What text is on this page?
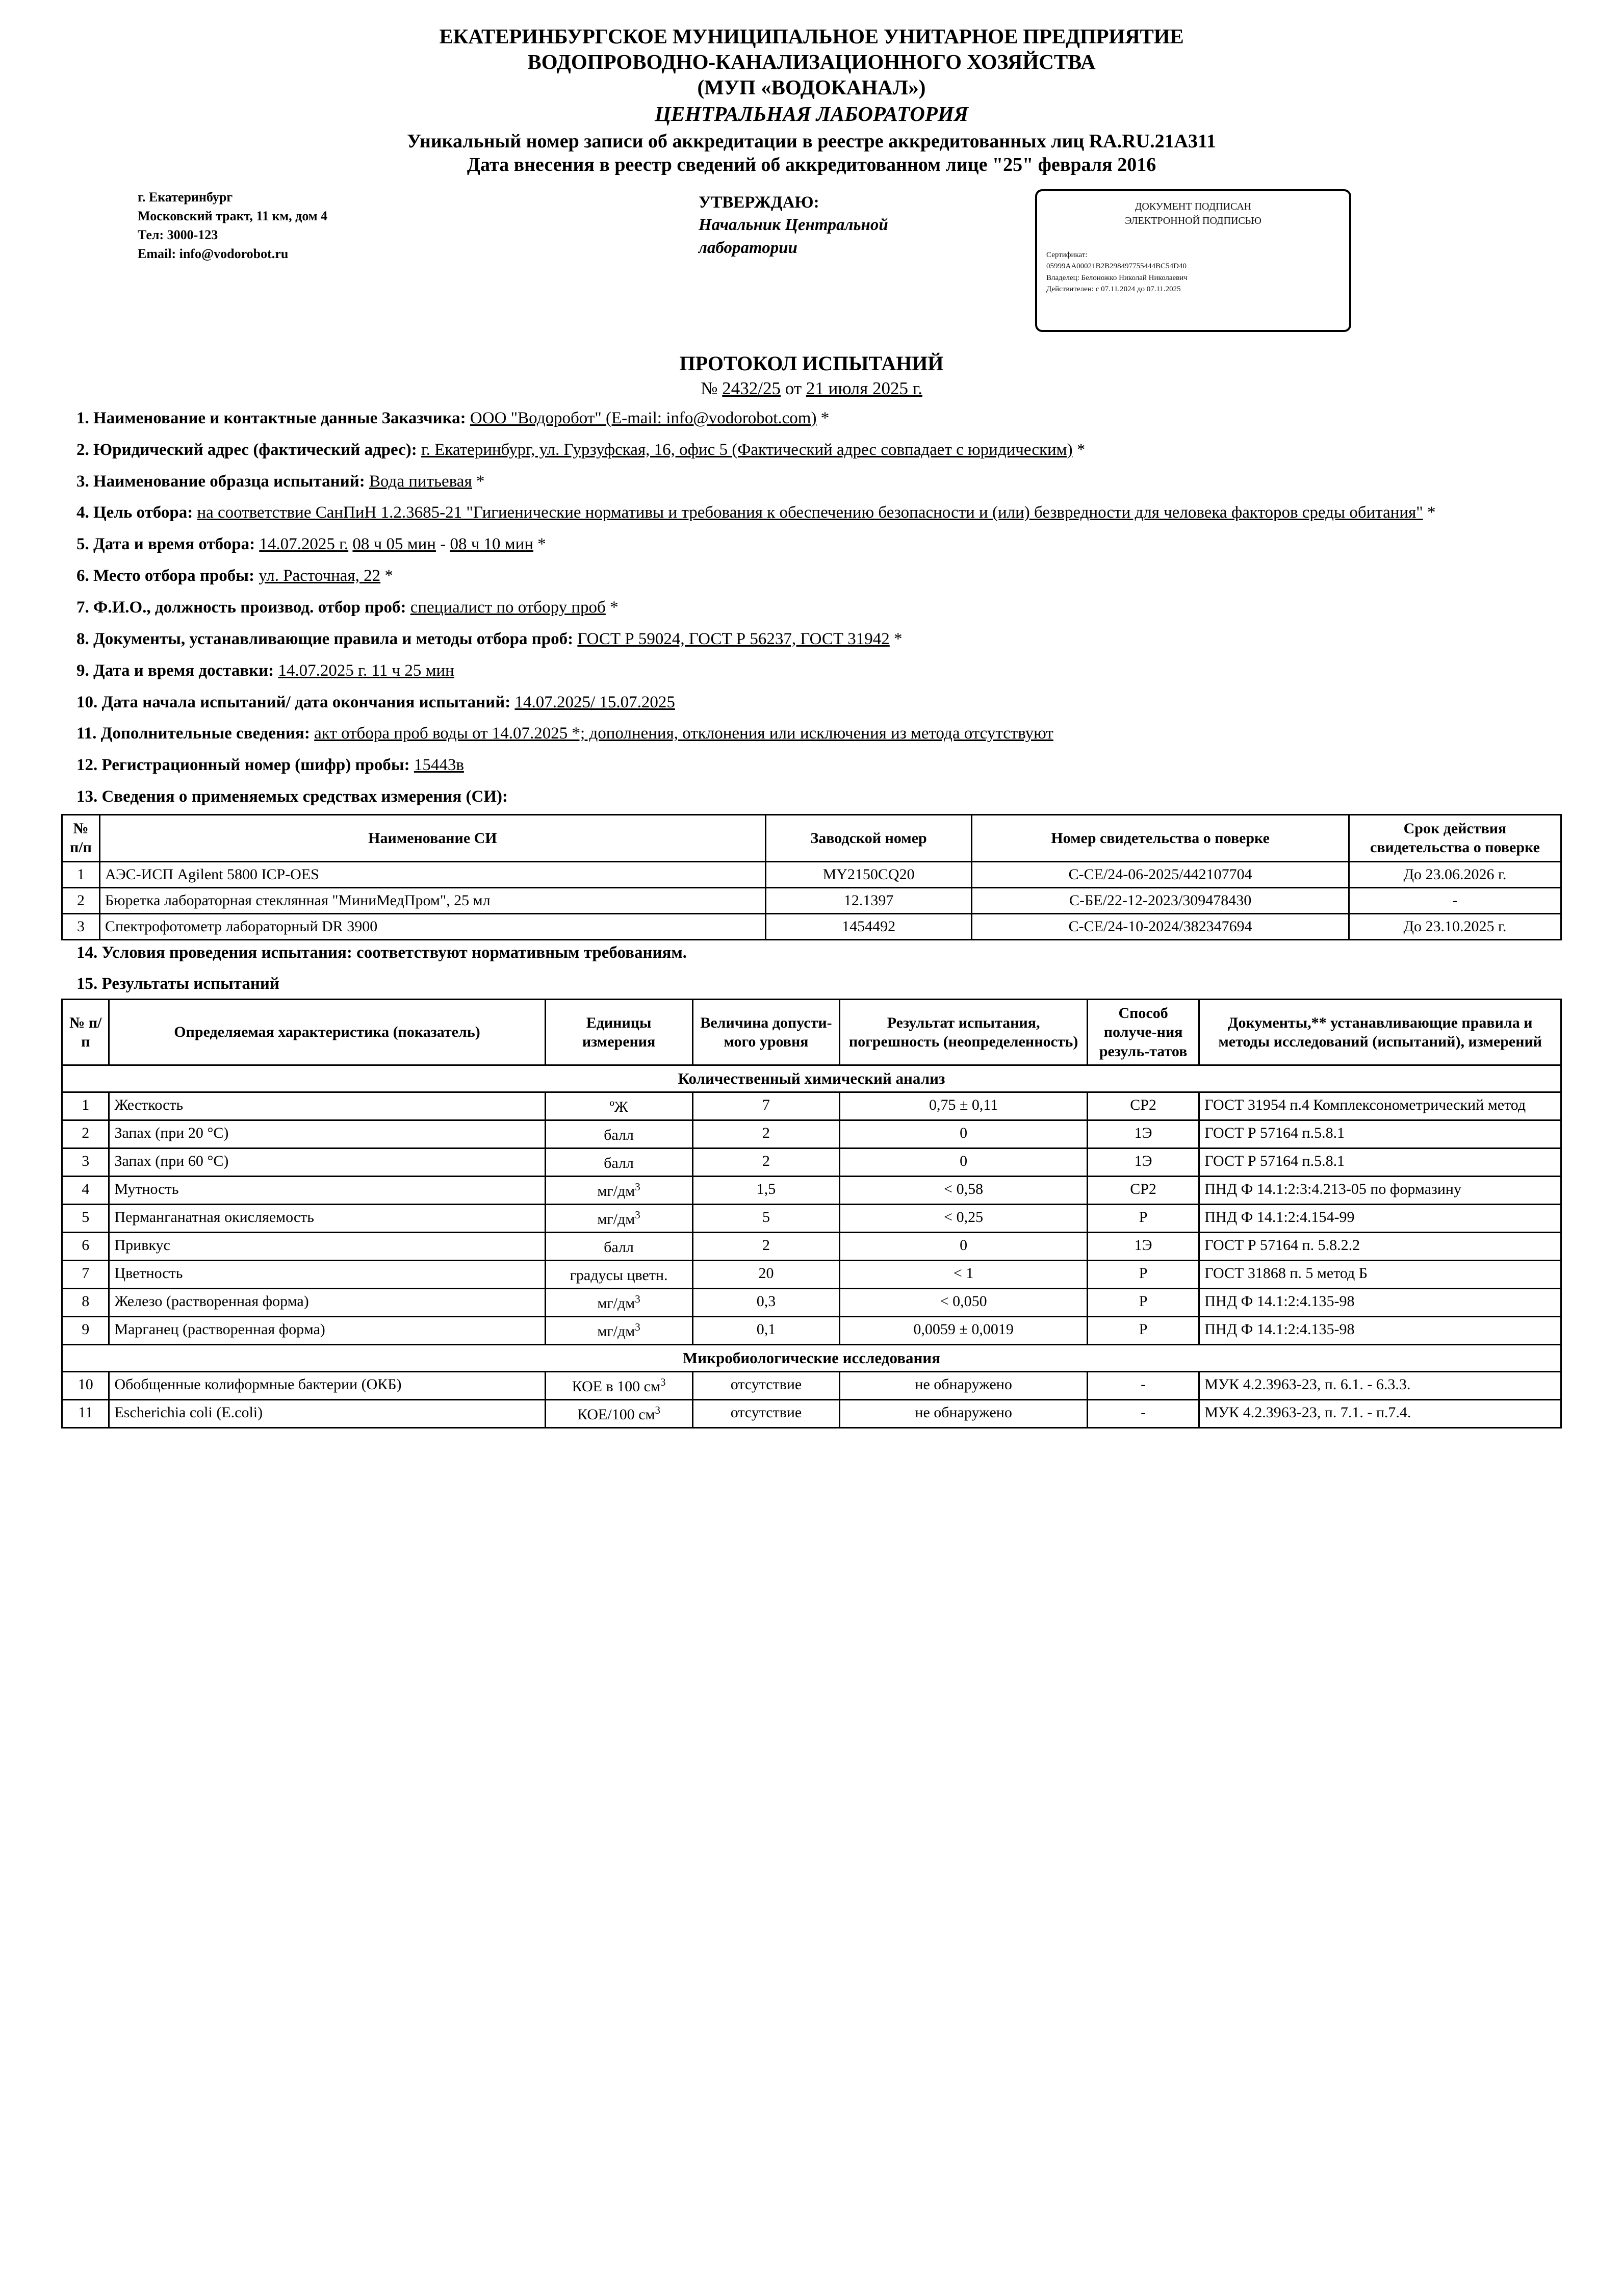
ЕКАТЕРИНБУРГСКОЕ МУНИЦИПАЛЬНОЕ УНИТАРНОЕ ПРЕДПРИЯТИЕ
ВОДОПРОВОДНО-КАНАЛИЗАЦИОННОГО ХОЗЯЙСТВА
(МУП «ВОДОКАНАЛ»)
ЦЕНТРАЛЬНАЯ ЛАБОРАТОРИЯ
Уникальный номер записи об аккредитации в реестре аккредитованных лиц RA.RU.21А311
Дата внесения в реестр сведений об аккредитованном лице "25" февраля 2016
г. Екатеринбург
Московский тракт, 11 км, дом 4
Тел: 3000-123
Email: info@vodorobot.ru
УТВЕРЖДАЮ:
Начальник Центральной
лаборатории
ДОКУМЕНТ ПОДПИСАН
ЭЛЕКТРОННОЙ ПОДПИСЬЮ
Сертификат:
05999AA00021B2B298497755444BC54D40
Владелец: Белоножко Николай Николаевич
Действителен: с 07.11.2024 до 07.11.2025
ПРОТОКОЛ ИСПЫТАНИЙ
№ 2432/25 от 21 июля 2025 г.
1. Наименование и контактные данные Заказчика: ООО "Водоробот" (E-mail: info@vodorobot.com) *
2. Юридический адрес (фактический адрес): г. Екатеринбург, ул. Гурзуфская, 16, офис 5 (Фактический адрес совпадает с юридическим) *
3. Наименование образца испытаний: Вода питьевая *
4. Цель отбора: на соответствие СанПиН 1.2.3685-21 "Гигиенические нормативы и требования к обеспечению безопасности и (или) безвредности для человека факторов среды обитания" *
5. Дата и время отбора: 14.07.2025 г. 08 ч 05 мин - 08 ч 10 мин *
6. Место отбора пробы: ул. Расточная, 22 *
7. Ф.И.О., должность производ. отбор проб: специалист по отбору проб *
8. Документы, устанавливающие правила и методы отбора проб: ГОСТ Р 59024, ГОСТ Р 56237, ГОСТ 31942 *
9. Дата и время доставки: 14.07.2025 г. 11 ч 25 мин
10. Дата начала испытаний/ дата окончания испытаний: 14.07.2025/ 15.07.2025
11. Дополнительные сведения: акт отбора проб воды от 14.07.2025 *; дополнения, отклонения или исключения из метода отсутствуют
12. Регистрационный номер (шифр) пробы: 15443в
13. Сведения о применяемых средствах измерения (СИ):
№ п/п	Наименование СИ	Заводской номер	Номер свидетельства о поверке	Срок действия свидетельства о поверке
1	АЭС-ИСП Agilent 5800 ICP-OES	MY2150CQ20	С-СЕ/24-06-2025/442107704	До 23.06.2026 г.
2	Бюретка лабораторная стеклянная "МиниМедПром", 25 мл	12.1397	С-БЕ/22-12-2023/309478430	-
3	Спектрофотометр лабораторный DR 3900	1454492	С-СЕ/24-10-2024/382347694	До 23.10.2025 г.
14. Условия проведения испытания: соответствуют нормативным требованиям.
15. Результаты испытаний
№ п/п	Определяемая характеристика (показатель)	Единицы измерения	Величина допусти-мого уровня	Результат испытания, погрешность (неопределенность)	Способ получе-ния резуль-татов	Документы,** устанавливающие правила и методы исследований (испытаний), измерений
Количественный химический анализ						
1	Жесткость	ºЖ	7	0,75 ± 0,11	СР2	ГОСТ 31954 п.4 Комплексонометрический метод
2	Запах (при 20 °С)	балл	2	0	1Э	ГОСТ Р 57164 п.5.8.1
3	Запах (при 60 °С)	балл	2	0	1Э	ГОСТ Р 57164 п.5.8.1
4	Мутность	$мг/дм^3$	1,5	< 0,58	СР2	ПНД Ф 14.1:2:3:4.213-05 по формазину
5	Перманганатная окисляемость	$мг/дм^3$	5	< 0,25	Р	ПНД Ф 14.1:2:4.154-99
6	Привкус	балл	2	0	1Э	ГОСТ Р 57164 п. 5.8.2.2
7	Цветность	градусы цветн.	20	< 1	Р	ГОСТ 31868 п. 5 метод Б
8	Железо (растворенная форма)	$мг/дм^3$	0,3	< 0,050	Р	ПНД Ф 14.1:2:4.135-98
9	Марганец (растворенная форма)	$мг/дм^3$	0,1	0,0059 ± 0,0019	Р	ПНД Ф 14.1:2:4.135-98
Микробиологические исследования						
10	Обобщенные колиформные бактерии (ОКБ)	КОЕ в 100 $см^3$	отсутствие	не обнаружено	-	МУК 4.2.3963-23, п. 6.1. - 6.3.3.
11	Escherichia coli (E.coli)	КОЕ/100 $см^3$	отсутствие	не обнаружено	-	МУК 4.2.3963-23, п. 7.1. - п.7.4.
